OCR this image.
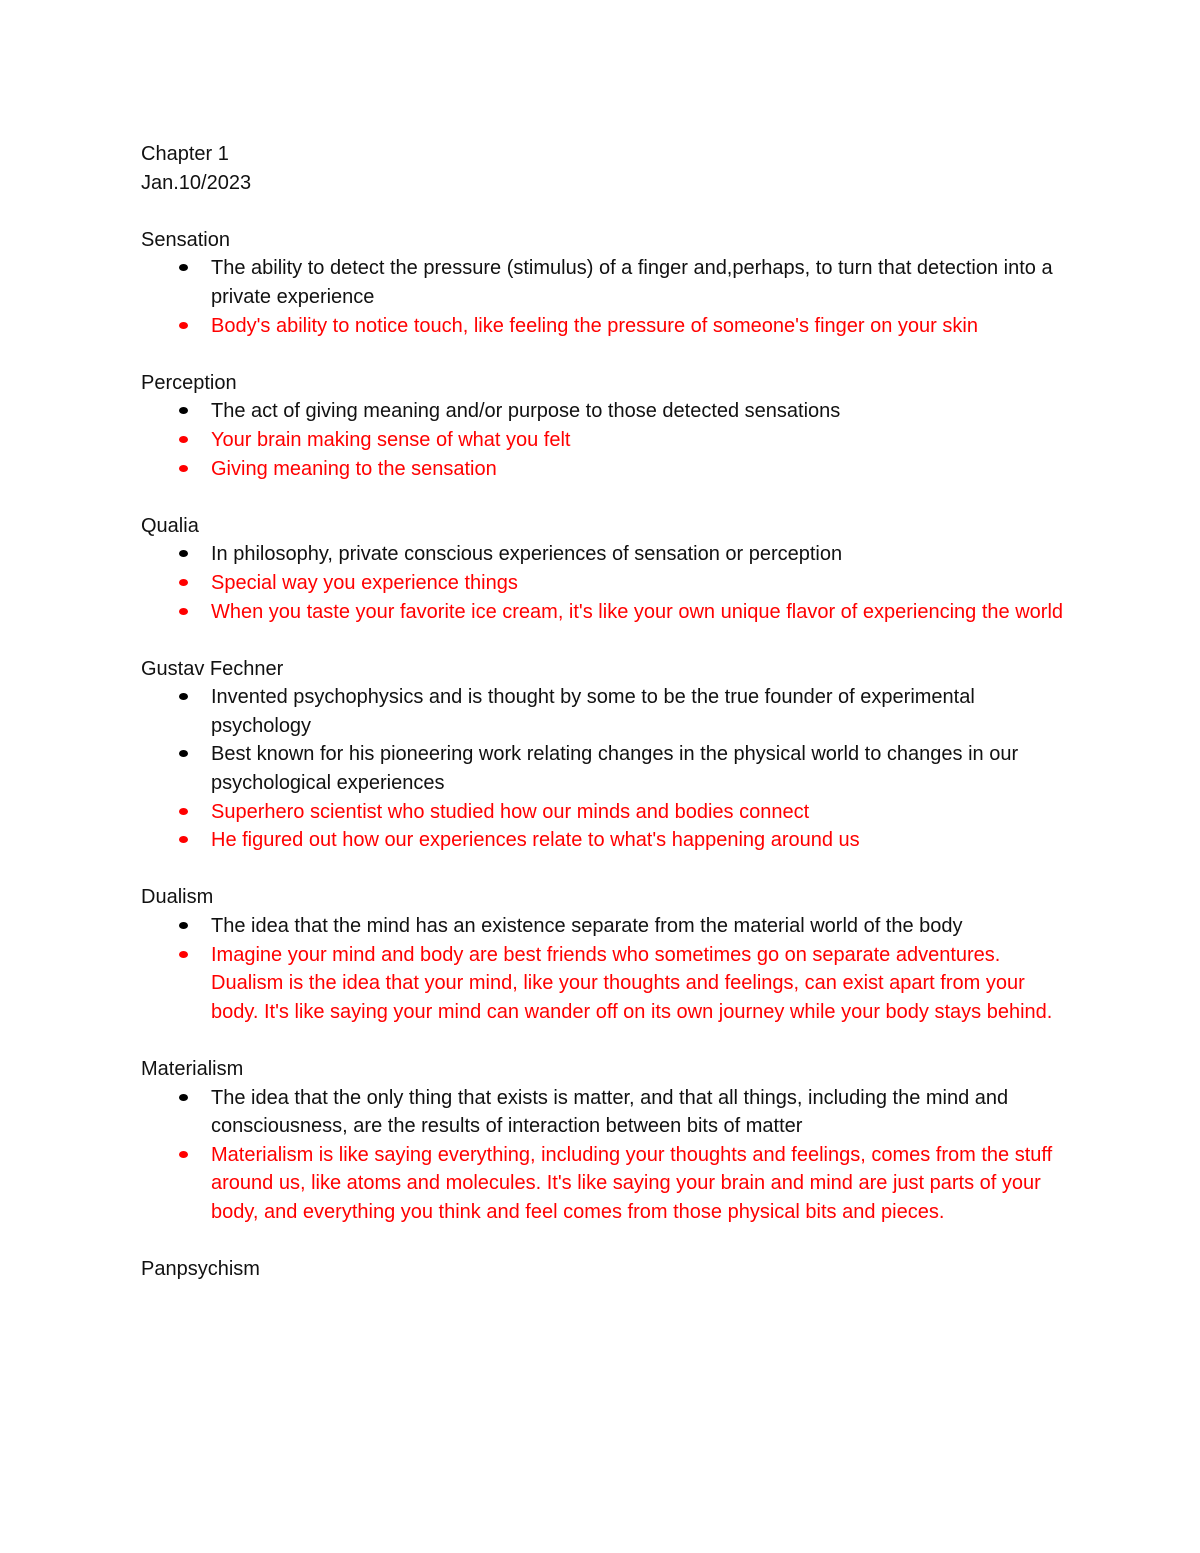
Chapter 1

Jan.10/2023

Sensation

The ability to detect the pressure (stimulus) of a finger and,perhaps, to turn that detection into a private experience
Body's ability to notice touch, like feeling the pressure of someone's finger on your skin

Perception

The act of giving meaning and/or purpose to those detected sensations
Your brain making sense of what you felt
Giving meaning to the sensation

Qualia

In philosophy, private conscious experiences of sensation or perception
Special way you experience things
When you taste your favorite ice cream, it's like your own unique flavor of experiencing the world

Gustav Fechner

Invented psychophysics and is thought by some to be the true founder of experimental psychology
Best known for his pioneering work relating changes in the physical world to changes in our psychological experiences
Superhero scientist who studied how our minds and bodies connect
He figured out how our experiences relate to what's happening around us

Dualism

The idea that the mind has an existence separate from the material world of the body
Imagine your mind and body are best friends who sometimes go on separate adventures. Dualism is the idea that your mind, like your thoughts and feelings, can exist apart from your body. It's like saying your mind can wander off on its own journey while your body stays behind.

Materialism

The idea that the only thing that exists is matter, and that all things, including the mind and consciousness, are the results of interaction between bits of matter
Materialism is like saying everything, including your thoughts and feelings, comes from the stuff around us, like atoms and molecules. It's like saying your brain and mind are just parts of your body, and everything you think and feel comes from those physical bits and pieces.

Panpsychism
